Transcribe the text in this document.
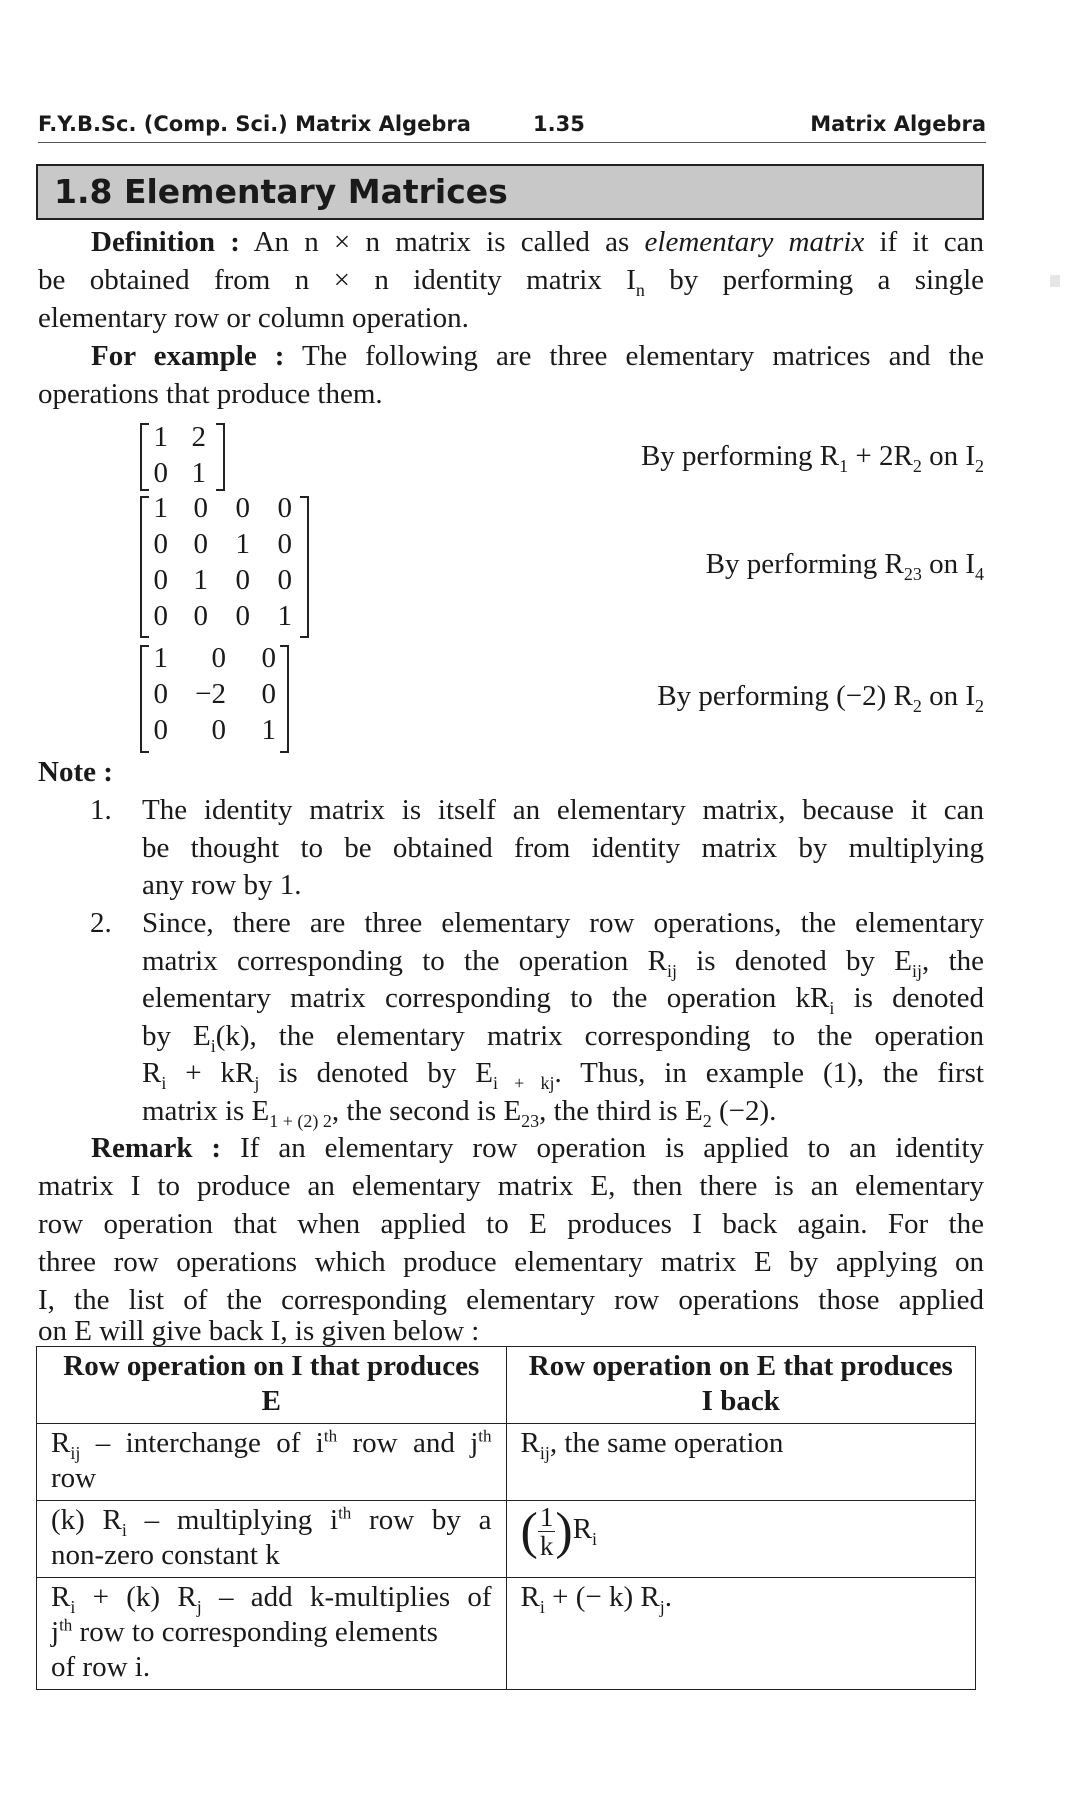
F.Y.B.Sc. (Comp. Sci.) Matrix Algebra	1.35	Matrix Algebra
1.8 Elementary Matrices
Definition : An n × n matrix is called as elementary matrix if it can
be obtained from n × n identity matrix $I_n$ by performing a single
elementary row or column operation.
For example : The following are three elementary matrices and the
operations that produce them.
1 2
0 1
By performing $R_1 + 2R_2$ on $I_2$
1 0 0 0
0 0 1 0
0 1 0 0
0 0 0 1
By performing $R_{23}$ on $I_4$
1	0	0
0 −2	0
0	0	1
By performing (−2) $R_2$ on $I_2$
Note :
1. The identity matrix is itself an elementary matrix, because it can
be thought to be obtained from identity matrix by multiplying
any row by 1.
2. Since, there are three elementary row operations, the elementary
matrix corresponding to the operation $R_{ij}$ is denoted by $E_{ij}$, the
elementary matrix corresponding to the operation $kR_i$ is denoted
by $E_i(k)$, the elementary matrix corresponding to the operation
$R_i + kR_j$ is denoted by $E_{i + kj}$. Thus, in example (1), the first
matrix is $E_{1 + (2) 2}$, the second is $E_{23}$, the third is $E_2$ (−2).
Remark : If an elementary row operation is applied to an identity
matrix I to produce an elementary matrix E, then there is an elementary
row operation that when applied to E produces I back again. For the
three row operations which produce elementary matrix E by applying on
I, the list of the corresponding elementary row operations those applied
on E will give back I, is given below :
Row operation on I that produces E	Row operation on E that produces I back

$R_{ij}$ – interchange of $i^{th}$ row and $j^{th}$
row	$R_{ij}$, the same operation

(k) $R_i$ – multiplying $i^{th}$ row by a
non-zero constant k	( $\frac{1}{k}$ ) $R_i$

$R_i + (k)$ $R_j$ – add k-multiplies of
$j^{th}$ row to corresponding elements
of row i.	$R_i$ + (− k) $R_j$.
